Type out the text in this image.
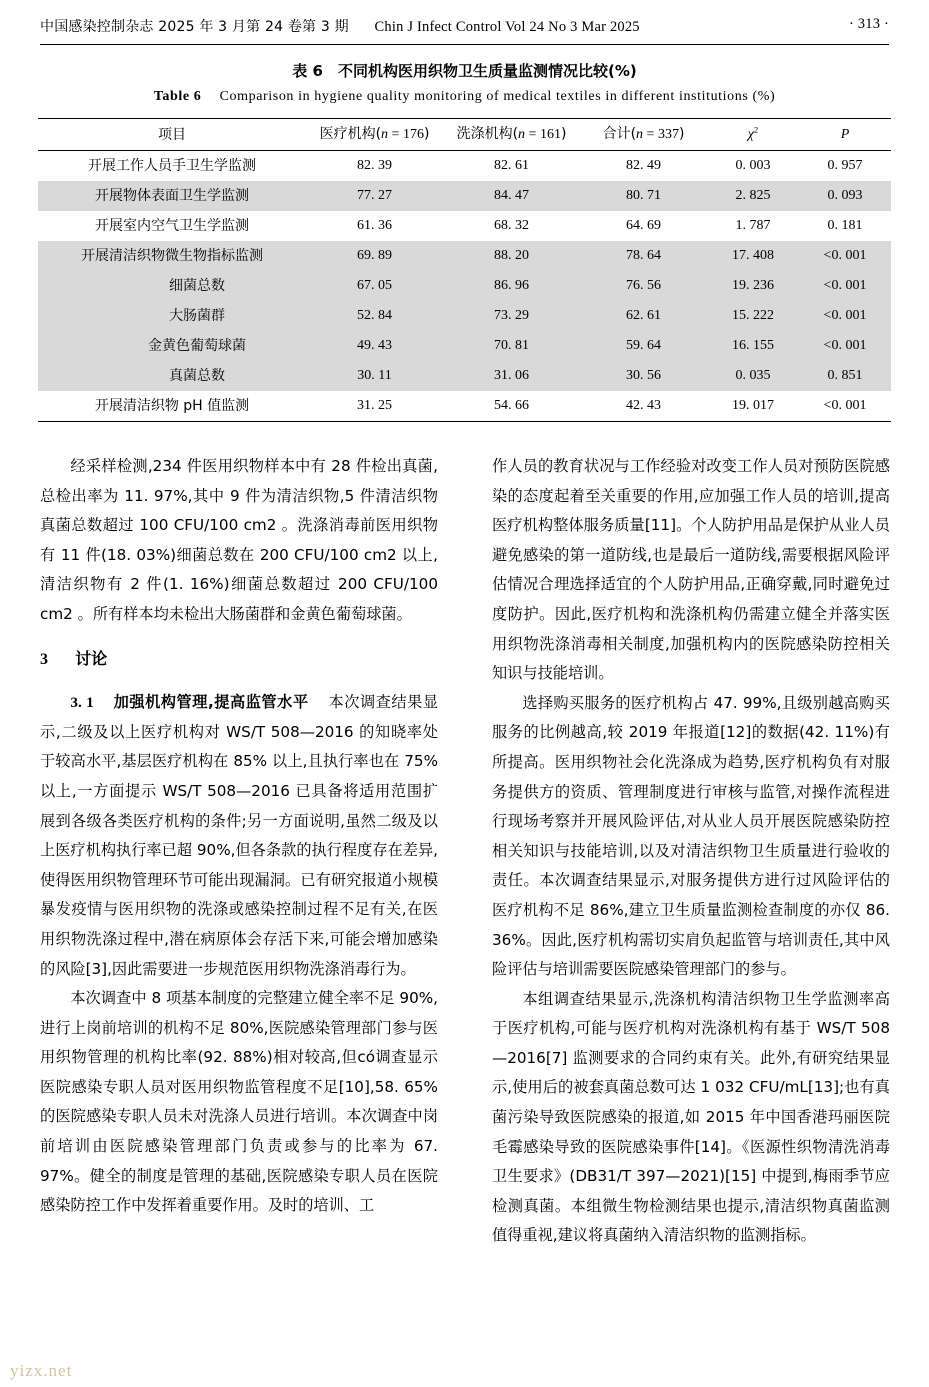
中国感染控制杂志 2025 年 3 月第 24 卷第 3 期 Chin J Infect Control Vol 24 No 3 Mar 2025	· 313 ·
表 6　不同机构医用织物卫生质量监测情况比较(%)
Table 6 Comparison in hygiene quality monitoring of medical textiles in different institutions (%)
项目	医疗机构(n = 176)	洗涤机构(n = 161)	合计(n = 337)	$\chi^2$	P
开展工作人员手卫生学监测	82. 39	82. 61	82. 49	0. 003	0. 957
开展物体表面卫生学监测	77. 27	84. 47	80. 71	2. 825	0. 093
开展室内空气卫生学监测	61. 36	68. 32	64. 69	1. 787	0. 181
开展清洁织物微生物指标监测	69. 89	88. 20	78. 64	17. 408	<0. 001
细菌总数	67. 05	86. 96	76. 56	19. 236	<0. 001
大肠菌群	52. 84	73. 29	62. 61	15. 222	<0. 001
金黄色葡萄球菌	49. 43	70. 81	59. 64	16. 155	<0. 001
真菌总数	30. 11	31. 06	30. 56	0. 035	0. 851
开展清洁织物 pH 值监测	31. 25	54. 66	42. 43	19. 017	<0. 001

经采样检测,234 件医用织物样本中有 28 件检出真菌,总检出率为 11. 97%,其中 9 件为清洁织物,5 件清洁织物真菌总数超过 100 CFU/100 cm2 。洗涤消毒前医用织物有 11 件(18. 03%)细菌总数在 200 CFU/100 cm2 以上,清洁织物有 2 件(1. 16%)细菌总数超过 200 CFU/100 cm2 。所有样本均未检出大肠菌群和金黄色葡萄球菌。

3 讨论

3. 1 加强机构管理,提高监管水平 本次调查结果显示,二级及以上医疗机构对 WS/T 508—2016 的知晓率处于较高水平,基层医疗机构在 85% 以上,且执行率也在 75% 以上,一方面提示 WS/T 508—2016 已具备将适用范围扩展到各级各类医疗机构的条件;另一方面说明,虽然二级及以上医疗机构执行率已超 90%,但各条款的执行程度存在差异,使得医用织物管理环节可能出现漏洞。已有研究报道小规模暴发疫情与医用织物的洗涤或感染控制过程不足有关,在医用织物洗涤过程中,潜在病原体会存活下来,可能会增加感染的风险[3],因此需要进一步规范医用织物洗涤消毒行为。

本次调查中 8 项基本制度的完整建立健全率不足 90%,进行上岗前培训的机构不足 80%,医院感染管理部门参与医用织物管理的机构比率(92. 88%)相对较高,但có调查显示医院感染专职人员对医用织物监管程度不足[10],58. 65% 的医院感染专职人员未对洗涤人员进行培训。本次调查中岗前培训由医院感染管理部门负责或参与的比率为 67. 97%。健全的制度是管理的基础,医院感染专职人员在医院感染防控工作中发挥着重要作用。及时的培训、工

作人员的教育状况与工作经验对改变工作人员对预防医院感染的态度起着至关重要的作用,应加强工作人员的培训,提高医疗机构整体服务质量[11]。个人防护用品是保护从业人员避免感染的第一道防线,也是最后一道防线,需要根据风险评估情况合理选择适宜的个人防护用品,正确穿戴,同时避免过度防护。因此,医疗机构和洗涤机构仍需建立健全并落实医用织物洗涤消毒相关制度,加强机构内的医院感染防控相关知识与技能培训。

选择购买服务的医疗机构占 47. 99%,且级别越高购买服务的比例越高,较 2019 年报道[12]的数据(42. 11%)有所提高。医用织物社会化洗涤成为趋势,医疗机构负有对服务提供方的资质、管理制度进行审核与监管,对操作流程进行现场考察并开展风险评估,对从业人员开展医院感染防控相关知识与技能培训,以及对清洁织物卫生质量进行验收的责任。本次调查结果显示,对服务提供方进行过风险评估的医疗机构不足 86%,建立卫生质量监测检查制度的亦仅 86. 36%。因此,医疗机构需切实肩负起监管与培训责任,其中风险评估与培训需要医院感染管理部门的参与。

本组调查结果显示,洗涤机构清洁织物卫生学监测率高于医疗机构,可能与医疗机构对洗涤机构有基于 WS/T 508—2016[7] 监测要求的合同约束有关。此外,有研究结果显示,使用后的被套真菌总数可达 1 032 CFU/mL[13];也有真菌污染导致医院感染的报道,如 2015 年中国香港玛丽医院毛霉感染导致的医院感染事件[14]。《医源性织物清洗消毒卫生要求》(DB31/T 397—2021)[15] 中提到,梅雨季节应检测真菌。本组微生物检测结果也提示,清洁织物真菌监测值得重视,建议将真菌纳入清洁织物的监测指标。

yizx.net
